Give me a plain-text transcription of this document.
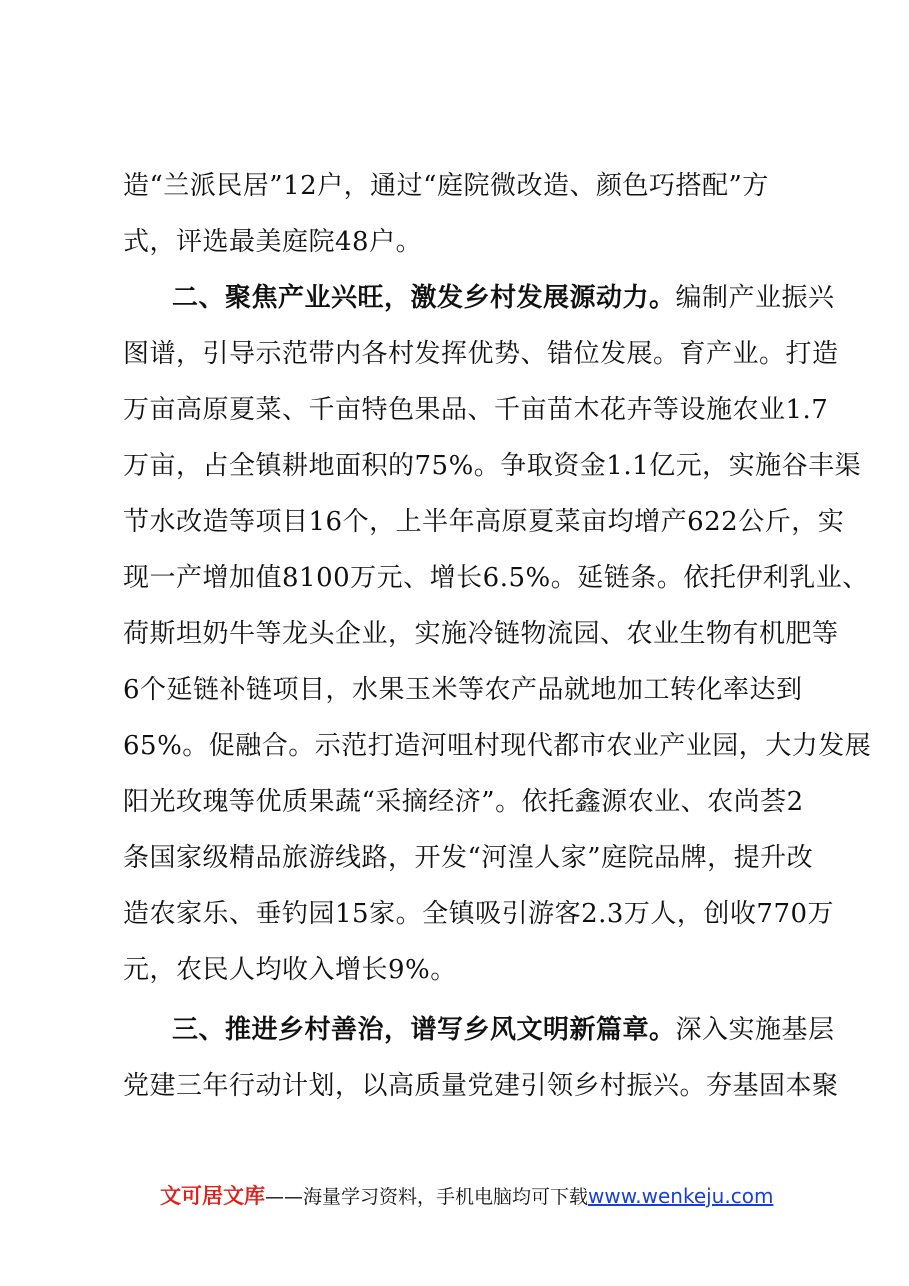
造“兰派民居”12户，通过“庭院微改造、颜色巧搭配”方
式，评选最美庭院48户。
二、聚焦产业兴旺，激发乡村发展源动力。编制产业振兴
图谱，引导示范带内各村发挥优势、错位发展。育产业。打造
万亩高原夏菜、千亩特色果品、千亩苗木花卉等设施农业1.7
万亩，占全镇耕地面积的75%。争取资金1.1亿元，实施谷丰渠
节水改造等项目16个，上半年高原夏菜亩均增产622公斤，实
现一产增加值8100万元、增长6.5%。延链条。依托伊利乳业、
荷斯坦奶牛等龙头企业，实施冷链物流园、农业生物有机肥等
6个延链补链项目，水果玉米等农产品就地加工转化率达到
65%。促融合。示范打造河咀村现代都市农业产业园，大力发展
阳光玫瑰等优质果蔬“采摘经济”。依托鑫源农业、农尚荟2
条国家级精品旅游线路，开发“河湟人家”庭院品牌，提升改
造农家乐、垂钓园15家。全镇吸引游客2.3万人，创收770万
元，农民人均收入增长9%。
三、推进乡村善治，谱写乡风文明新篇章。深入实施基层
党建三年行动计划，以高质量党建引领乡村振兴。夯基固本聚
文可居文库——海量学习资料，手机电脑均可下载www.wenkeju.com
